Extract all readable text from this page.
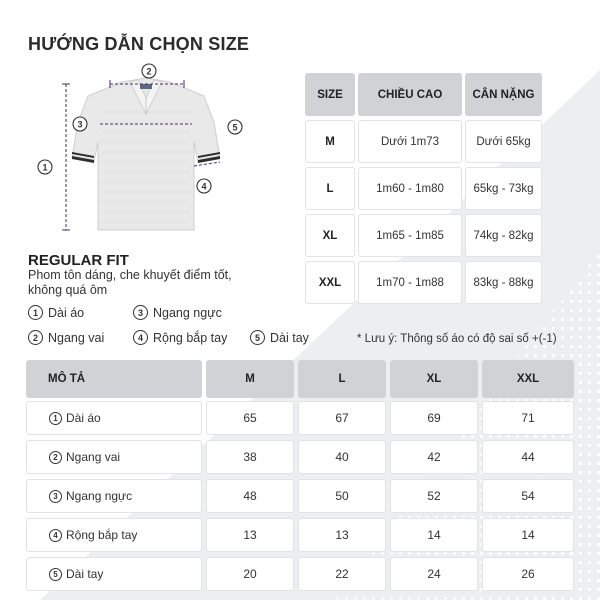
HƯỚNG DẪN CHỌN SIZE
1
2
3
4
5
REGULAR FIT
Phom tôn dáng, che khuyết điểm tốt, không quá ôm
1 Dài áo	3 Ngang ngực
2 Ngang vai	4 Rộng bắp tay	5 Dài tay	* Lưu ý: Thông số áo có độ sai số +(-1)
SIZE	CHIỀU CAO	CÂN NẶNG
M	Dưới 1m73	Dưới 65kg
L	1m60 - 1m80	65kg - 73kg
XL	1m65 - 1m85	74kg - 82kg
XXL	1m70 - 1m88	83kg - 88kg
MÔ TẢ	M	L	XL	XXL
1 Dài áo	65	67	69	71
2 Ngang vai	38	40	42	44
3 Ngang ngực	48	50	52	54
4 Rộng bắp tay	13	13	14	14
5 Dài tay	20	22	24	26
